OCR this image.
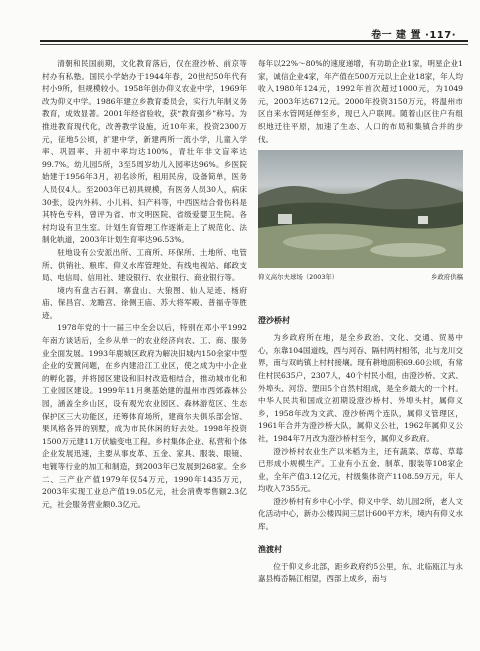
卷一 建 置 ·117·

清朝和民国前期，文化教育落后，仅在澄沙桥、前京等村办有私塾。国民小学始办于1944年春，20世纪50年代有村小9所，但规模较小。1958年创办仰义农业中学，1969年改为仰义中学。1986年建立乡教育委员会，实行九年制义务教育，成效显著。2001年经省验收，获“教育强乡”称号。为推进教育现代化，改善教学设施，近10年来，投资2300万元，征地5公顷，扩建中学，新建两所一流小学，儿童入学率、巩固率、升初中率均达100%，青壮年非文盲率达99.7%。幼儿园5所，3至5周岁幼儿入园率达96%。乡医院始建于1956年3月，初名诊所，租用民房，设备简单，医务人员仅4人。至2003年已初具规模，有医务人员30人，病床30张，设内外科、小儿科、妇产科等，中西医结合骨伤科是其特色专科，曾评为省、市文明医院、省级爱婴卫生院。各村均设有卫生室。计划生育管理工作逐渐走上了规范化、法制化轨道，2003年计划生育率达96.53%。

驻地设有公安派出所、工商所、环保所、土地所、电管所、供销社、粮库、仰义水库管理处、有线电视站、邮政支局、电信局、信用社、建设银行、农业银行、商业银行等。

境内有盘古石洞、寨盘山、大狼图、仙人足迹、杨府庙、保昌宫、龙瞻宫、徐侧王庙、苏大将军殿、普福寺等胜迹。

1978年党的十一届三中全会以后，特别在邓小平1992年南方谈话后，全乡从单一的农业经济向农、工、商、服务业全面发展。1993年鹿城区政府为解决旧城内150余家中型企业的安置问题，在乡内建沿江工业区，使之成为中小企业的孵化器，并将园区建设和旧村改造相结合，推动城市化和工业园区建设。1999年11月奥基始建的温州市西郊森林公园，涵盖全乡山区，设有观光农业园区、森林游览区、生态保护区三大功能区，还筹体育场所，建商尔夫俱乐部会馆、果风格各异的别墅，成为市民休闲的好去处。1998年投资1500万元建11万伏输变电工程。乡村集体企业、私营和个体企业发展迅速，主要从事皮革、五金、家具、服装、眼镜、电镀等行业的加工和制造，到2003年已发展到268家。全乡二、三产业产值1979年仅54万元，1990年1435万元，2003年实现工业总产值19.05亿元，社会消费零售额2.3亿元，社会服务营业额0.3亿元。

每年以22%～80%的速度递增，有功助企业1家，明星企业1家，诚信企业4家，年产值在500万元以上企业18家，年人均收入1980年124元，1992年首次超过1000元，为1049元，2003年达6712元。2000年投资3150万元，将温州市区自来水管网延伸至乡，现已入户联网。随着山区住户有组织地迁往平原，加速了生态、人口的布局和集镇合并的步伐。

仰义高尔夫球场（2003年）	乡政府供稿
澄沙桥村

为乡政府所在地，是全乡政治、文化、交通、贸易中心，东靠104国道线，西与河吞、隔村两村相邻，北与龙川交界，南与双屿镇上村村接壤。现有耕地面积69.60公顷，有常住村民635户，2307人，40个村民小组，由澄沙桥、文武、外埠头、河岱、塑田5个自然村组成，是全乡最大的一个村。中华人民共和国成立初期设澄沙桥村、外埠头村，属仰义乡，1958年改为文武、澄沙桥两个连队，属仰义管理区，1961年合并为澄沙桥大队，属仰义公社，1962年属仰义公社，1984年7月改为澄沙桥村至今，属仰义乡政府。

澄沙桥村农业生产以米稻为主，还有蔬菜、草莓、草莓已形成小规模生产。工业有小五金、制革、服装等108家企业，全年产值3.12亿元，村级集体资产1108.59万元，年人均收入7355元。

澄沙桥村有乡中心小学、仰义中学、幼儿园2所，老人文化活动中心，新办公楼四间三层计600平方米，境内有仰义水库。

渔渡村

位于仰义乡北部，距乡政府约5公里，东、北临瓯江与永嘉县梅岙隔江相望，西部上成乡，南与
